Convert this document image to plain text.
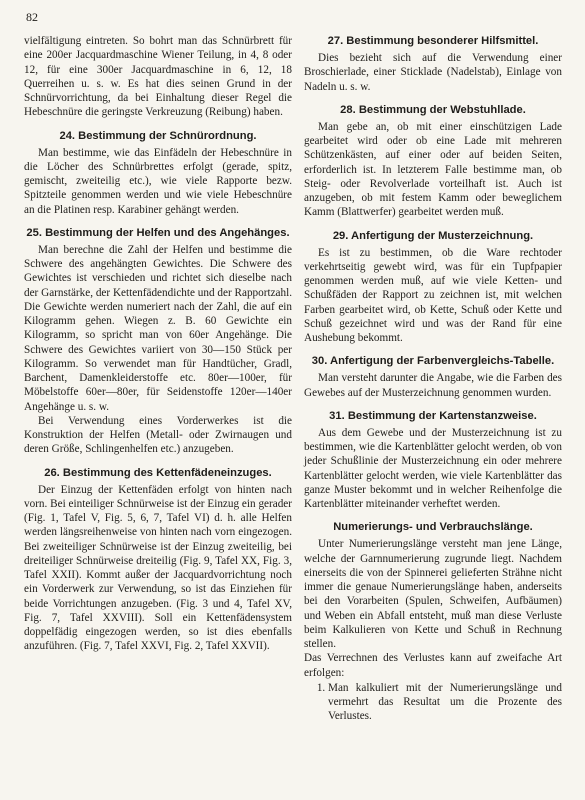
82

vielfältigung eintreten. So bohrt man das Schnürbrett für eine 200er Jacquardmaschine Wiener Teilung, in 4, 8 oder 12, für eine 300er Jacquardmaschine in 6, 12, 18 Querreihen u. s. w. Es hat dies seinen Grund in der Schnürvorrichtung, da bei Einhaltung dieser Regel die Hebeschnüre die geringste Verkreuzung (Reibung) haben.

24. Bestimmung der Schnürordnung.

Man bestimme, wie das Einfädeln der Hebeschnüre in die Löcher des Schnürbrettes erfolgt (gerade, spitz, gemischt, zweiteilig etc.), wie viele Rapporte bezw. Spitzteile genommen werden und wie viele Hebeschnüre an die Platinen resp. Karabiner gehängt werden.

25. Bestimmung der Helfen und des Angehänges.

Man berechne die Zahl der Helfen und bestimme die Schwere des angehängten Gewichtes. Die Schwere des Gewichtes ist verschieden und richtet sich dieselbe nach der Garnstärke, der Kettenfädendichte und der Rapportzahl. Die Gewichte werden numeriert nach der Zahl, die auf ein Kilogramm gehen. Wiegen z. B. 60 Gewichte ein Kilogramm, so spricht man von 60er Angehänge. Die Schwere des Gewichtes variiert von 30—150 Stück per Kilogramm. So verwendet man für Handtücher, Gradl, Barchent, Damenkleiderstoffe etc. 80er—100er, für Möbelstoffe 60er—80er, für Seidenstoffe 120er—140er Angehänge u. s. w.

Bei Verwendung eines Vorderwerkes ist die Konstruktion der Helfen (Metall- oder Zwirnaugen und deren Größe, Schlingenhelfen etc.) anzugeben.

26. Bestimmung des Kettenfädeneinzuges.

Der Einzug der Kettenfäden erfolgt von hinten nach vorn. Bei einteiliger Schnürweise ist der Einzug ein gerader (Fig. 1, Tafel V, Fig. 5, 6, 7, Tafel VI) d. h. alle Helfen werden längsreihenweise von hinten nach vorn eingezogen. Bei zweiteiliger Schnürweise ist der Einzug zweiteilig, bei dreiteiliger Schnürweise dreiteilig (Fig. 9, Tafel XX, Fig. 3, Tafel XXII). Kommt außer der Jacquardvorrichtung noch ein Vorderwerk zur Verwendung, so ist das Einziehen für beide Vorrichtungen anzugeben. (Fig. 3 und 4, Tafel XV, Fig. 7, Tafel XXVIII). Soll ein Kettenfädensystem doppelfädig eingezogen werden, so ist dies ebenfalls anzuführen. (Fig. 7, Tafel XXVI, Fig. 2, Tafel XXVII).

27. Bestimmung besonderer Hilfsmittel.

Dies bezieht sich auf die Verwendung einer Broschierlade, einer Sticklade (Nadelstab), Einlage von Nadeln u. s. w.

28. Bestimmung der Webstuhllade.

Man gebe an, ob mit einer einschützigen Lade gearbeitet wird oder ob eine Lade mit mehreren Schützenkästen, auf einer oder auf beiden Seiten, erforderlich ist. In letzterem Falle bestimme man, ob Steig- oder Revolverlade vorteilhaft ist. Auch ist anzugeben, ob mit festem Kamm oder beweglichem Kamm (Blattwerfer) gearbeitet werden muß.

29. Anfertigung der Musterzeichnung.

Es ist zu bestimmen, ob die Ware rechtoder verkehrtseitig gewebt wird, was für ein Tupfpapier genommen werden muß, auf wie viele Ketten- und Schußfäden der Rapport zu zeichnen ist, mit welchen Farben gearbeitet wird, ob Kette, Schuß oder Kette und Schuß gezeichnet wird und was der Rand für eine Aushebung bekommt.

30. Anfertigung der Farbenvergleichs-Tabelle.

Man versteht darunter die Angabe, wie die Farben des Gewebes auf der Musterzeichnung genommen wurden.

31. Bestimmung der Kartenstanzweise.

Aus dem Gewebe und der Musterzeichnung ist zu bestimmen, wie die Kartenblätter gelocht werden, ob von jeder Schußlinie der Musterzeichnung ein oder mehrere Kartenblätter gelocht werden, wie viele Kartenblätter das ganze Muster bekommt und in welcher Reihenfolge die Kartenblätter miteinander verheftet werden.

Numerierungs- und Verbrauchslänge.

Unter Numerierungslänge versteht man jene Länge, welche der Garnnumerierung zugrunde liegt. Nachdem einerseits die von der Spinnerei gelieferten Strähne nicht immer die genaue Numerierungslänge haben, anderseits bei den Vorarbeiten (Spulen, Schweifen, Aufbäumen) und Weben ein Abfall entsteht, muß man diese Verluste beim Kalkulieren von Kette und Schuß in Rechnung stellen.

Das Verrechnen des Verlustes kann auf zweifache Art erfolgen:

1. Man kalkuliert mit der Numerierungslänge und vermehrt das Resultat um die Prozente des Verlustes.
